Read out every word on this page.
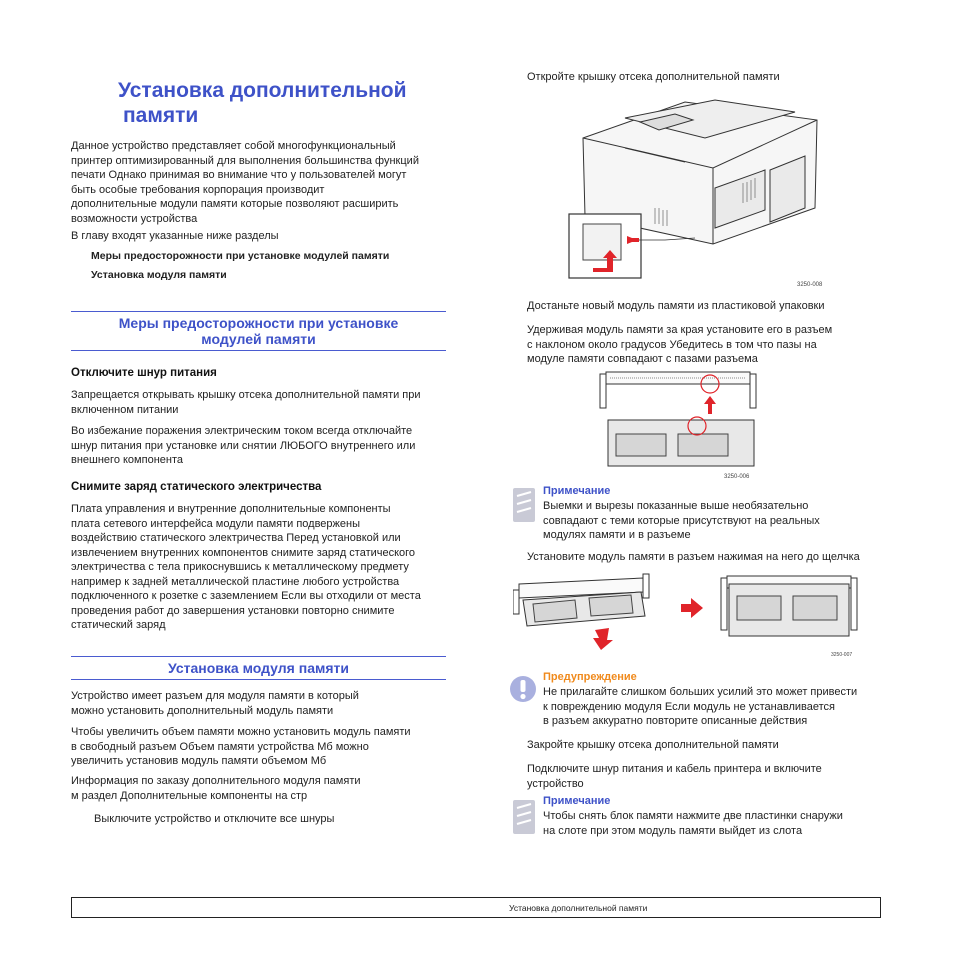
Установка дополнительной
памяти
Данное устройство представляет собой многофункциональный
принтер оптимизированный для выполнения большинства функций
печати Однако принимая во внимание что у пользователей могут
быть особые требования корпорация производит
дополнительные модули памяти которые позволяют расширить
возможности устройства
В главу входят указанные ниже разделы
Меры предосторожности при установке модулей памяти
Установка модуля памяти
Меры предосторожности при установке
модулей памяти
Отключите шнур питания
Запрещается открывать крышку отсека дополнительной памяти при
включенном питании
Во избежание поражения электрическим током всегда отключайте
шнур питания при установке или снятии ЛЮБОГО внутреннего или
внешнего компонента
Снимите заряд статического электричества
Плата управления и внутренние дополнительные компоненты
плата сетевого интерфейса модули памяти подвержены
воздействию статического электричества Перед установкой или
извлечением внутренних компонентов снимите заряд статического
электричества с тела прикоснувшись к металлическому предмету
например к задней металлической пластине любого устройства
подключенного к розетке с заземлением Если вы отходили от места
проведения работ до завершения установки повторно снимите
статический заряд
Установка модуля памяти
Устройство имеет разъем для модуля памяти в который
можно установить дополнительный модуль памяти
Чтобы увеличить объем памяти можно установить модуль памяти
в свободный разъем Объем памяти устройства Мб можно
увеличить установив модуль памяти объемом Мб
Информация по заказу дополнительного модуля памяти
м раздел Дополнительные компоненты на стр
Выключите устройство и отключите все шнуры
Откройте крышку отсека дополнительной памяти
3250-008
Достаньте новый модуль памяти из пластиковой упаковки
Удерживая модуль памяти за края установите его в разъем
с наклоном около градусов Убедитесь в том что пазы на
модуле памяти совпадают с пазами разъема
3250-006
Примечание
Выемки и вырезы показанные выше необязательно
совпадают с теми которые присутствуют на реальных
модулях памяти и в разъеме
Установите модуль памяти в разъем нажимая на него до щелчка
3250-007
Предупреждение
Не прилагайте слишком больших усилий это может привести
к повреждению модуля Если модуль не устанавливается
в разъем аккуратно повторите описанные действия
Закройте крышку отсека дополнительной памяти
Подключите шнур питания и кабель принтера и включите
устройство
Примечание
Чтобы снять блок памяти нажмите две пластинки снаружи
на слоте при этом модуль памяти выйдет из слота
Установка дополнительной памяти
